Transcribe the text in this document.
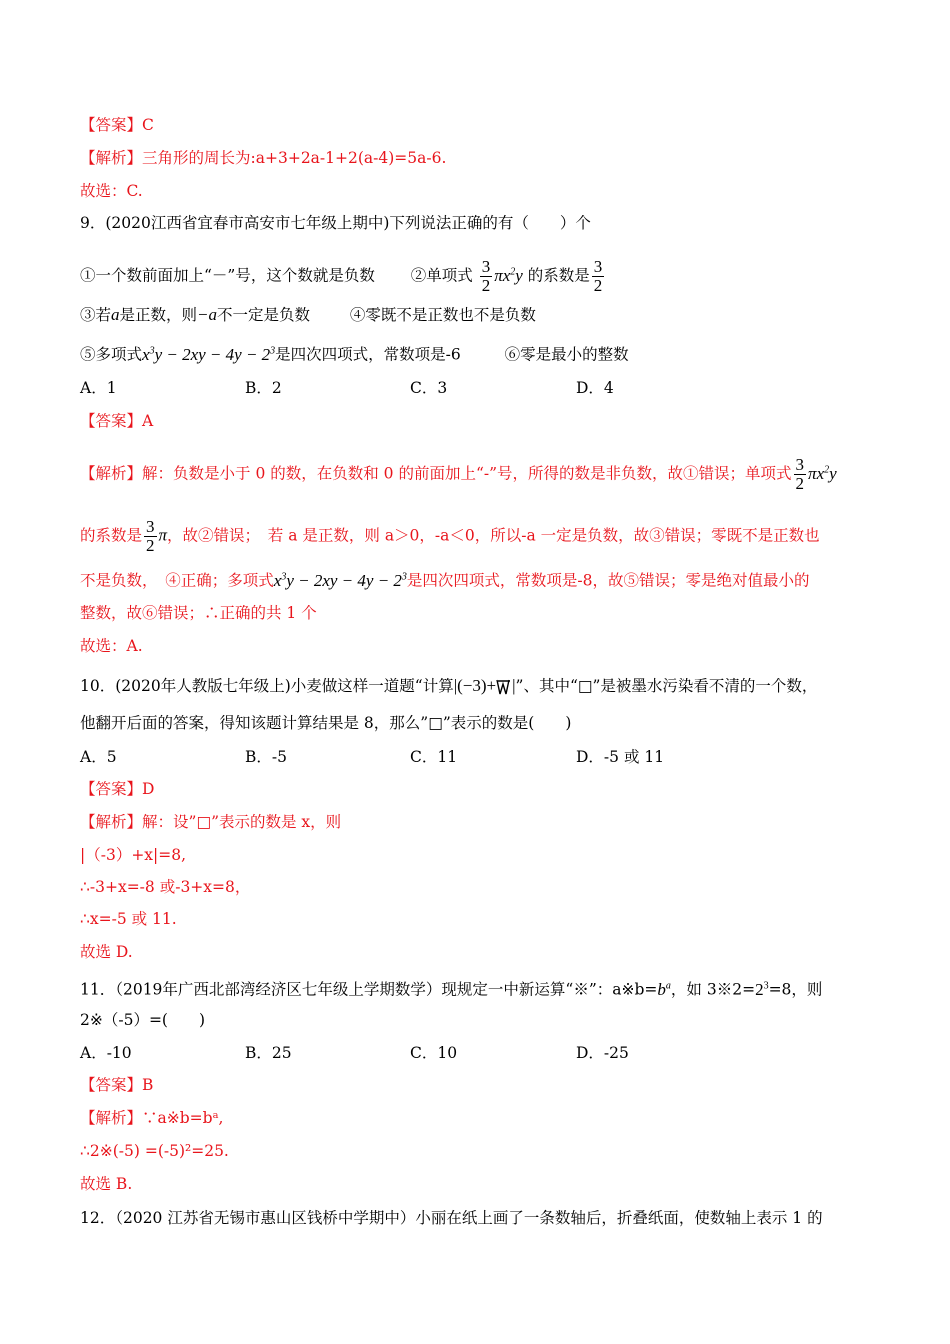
【答案】C
【解析】三角形的周长为:a+3+2a-1+2(a-4)=5a-6.
故选：C.
9．(2020江西省宜春市高安市七年级上期中)下列说法正确的有（　　）个
①一个数前面加上“－”号，这个数就是负数 ②单项式 $\frac{3}{2} \pi x^2y$ 的系数是 $\frac{3}{2}$
③若a是正数，则−a不一定是负数	④零既不是正数也不是负数
⑤多项式$x^3y - 2xy - 4y - 2^3$是四次四项式，常数项是-6	⑥零是最小的整数
A．1	B．2	C．3	D．4
【答案】A
【解析】解：负数是小于 0 的数，在负数和 0 的前面加上“-”号，所得的数是非负数，故①错误；单项式 $\frac{3}{2} \pi x^2y$
的系数是 $\frac{3}{2}$ π，故②错误；　若 a 是正数，则 a＞0，-a＜0，所以-a 一定是负数，故③错误；零既不是正数也
不是负数，　④正确；多项式$x^3y - 2xy - 4y - 2^3$是四次四项式，常数项是-8，故⑤错误；零是绝对值最小的
整数，故⑥错误；∴正确的共 1 个
故选：A.
10．(2020年人教版七年级上)小麦做这样一道题“计算|(−3)+ |”、其中“□”是被墨水污染看不清的一个数，
他翻开后面的答案，得知该题计算结果是 8，那么”□”表示的数是(　　)
A．5	B．-5	C．11	D．-5 或 11
【答案】D
【解析】解：设”□”表示的数是 x，则
|（-3）+x|=8,
∴-3+x=-8 或-3+x=8，
∴x=-5 或 11.
故选 D.
11．（2019年广西北部湾经济区七年级上学期数学）现规定一中新运算“※”：$a※b=b^a$，如 $3※2=2^3=8$，则
2※（-5）=(　　)
A．-10	B．25	C．10	D．-25
【答案】B
【解析】∵a※b=bᵃ,
∴2※(-5) =(-5)²=25.
故选 B.
12．（2020 江苏省无锡市惠山区钱桥中学期中）小丽在纸上画了一条数轴后，折叠纸面，使数轴上表示 1 的
